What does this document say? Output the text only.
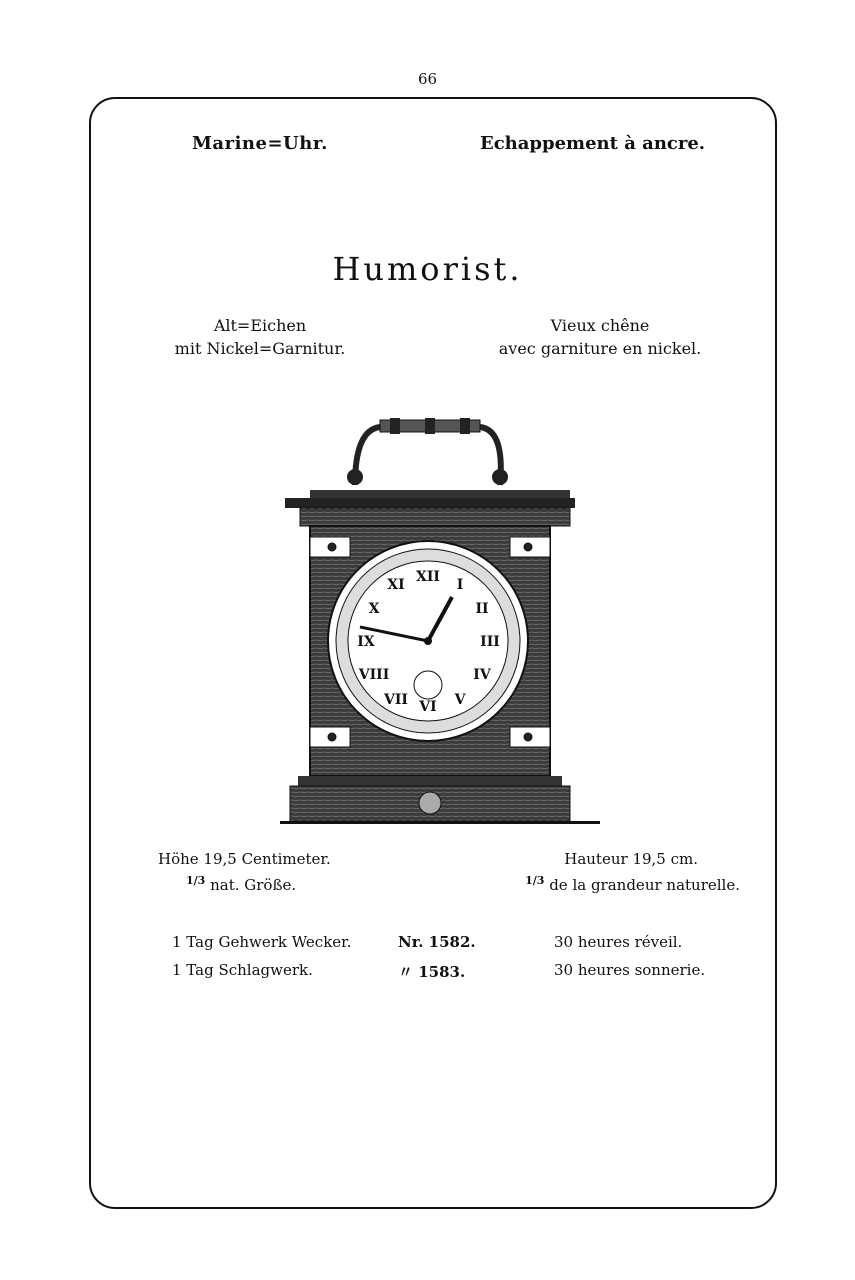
66
Marine=Uhr.	Echappement à ancre.
Humorist.
Alt=Eichen
mit Nickel=Garnitur.
Vieux chêne
avec garniture en nickel.
XII I
II
III
IV
V
VI
VII
VIII
IX
X
XI
Höhe 19,5 Centimeter.
$^{1/3}$ nat. Größe.
Hauteur 19,5 cm.
$^{1/3}$ de la grandeur naturelle.
1 Tag Gehwerk Wecker.	Nr. 1582.	30 heures réveil.
1 Tag Schlagwerk.	〃 1583.	30 heures sonnerie.
